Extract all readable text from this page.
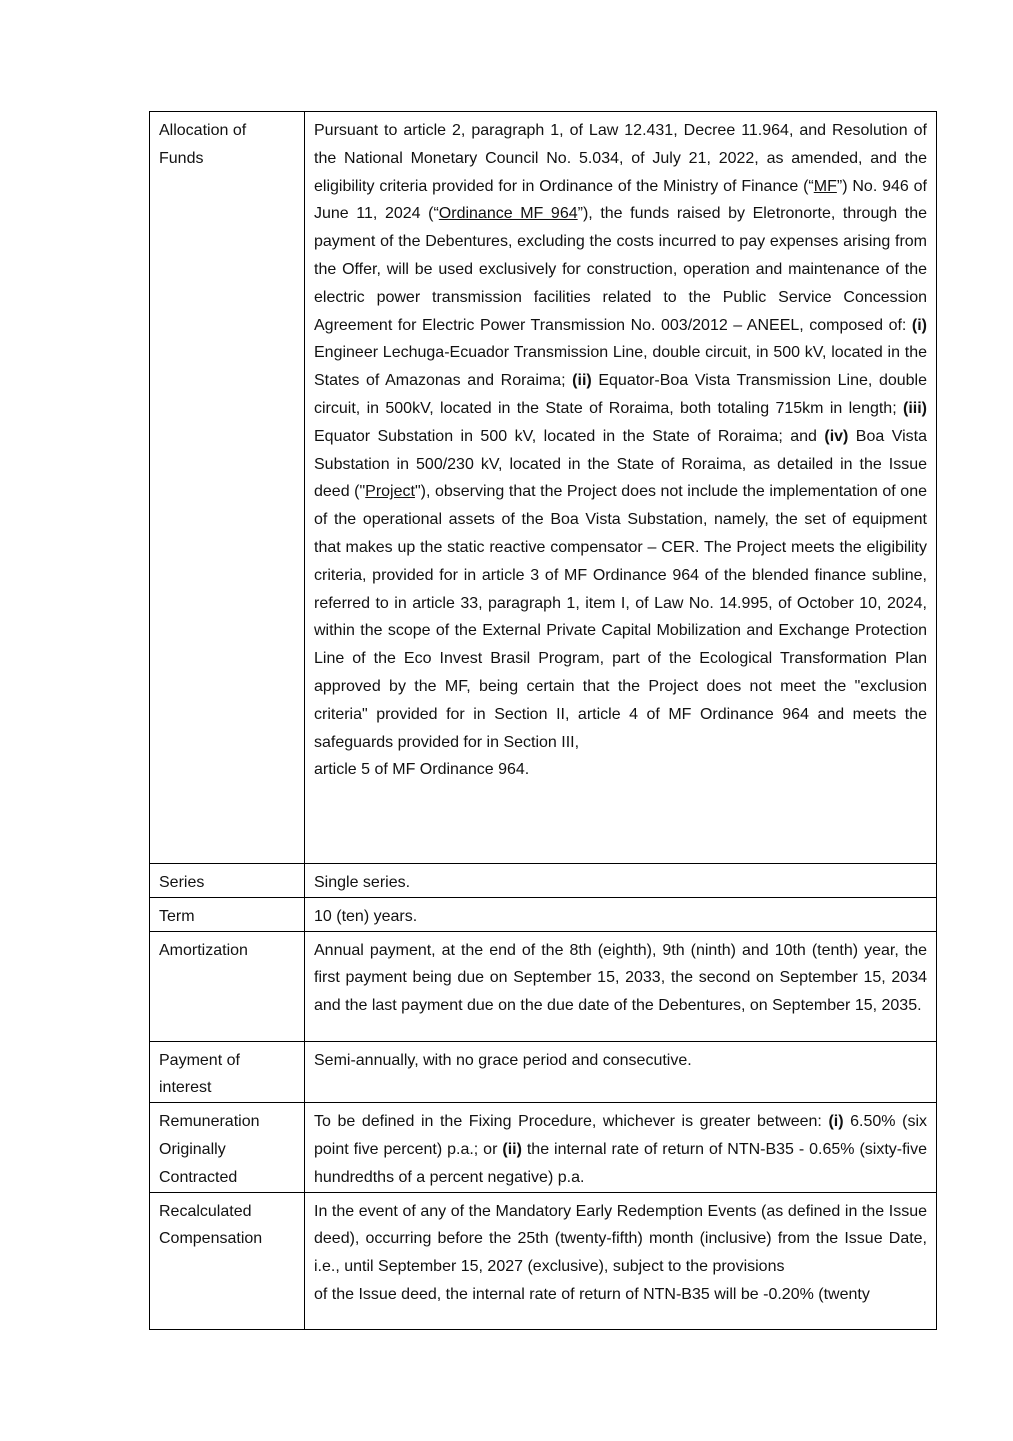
Allocation of Funds	Pursuant to article 2, paragraph 1, of Law 12.431, Decree 11.964, and Resolution of the National Monetary Council No. 5.034, of July 21, 2022, as amended, and the eligibility criteria provided for in Ordinance of the Ministry of Finance (“MF”) No. 946 of June 11, 2024 (“Ordinance MF 964”), the funds raised by Eletronorte, through the payment of the Debentures, excluding the costs incurred to pay expenses arising from the Offer, will be used exclusively for construction, operation and maintenance of the electric power transmission facilities related to the Public Service Concession Agreement for Electric Power Transmission No. 003/2012 – ANEEL, composed of: (i) Engineer Lechuga-Ecuador Transmission Line, double circuit, in 500 kV, located in the States of Amazonas and Roraima; (ii) Equator-Boa Vista Transmission Line, double circuit, in 500kV, located in the State of Roraima, both totaling 715km in length; (iii) Equator Substation in 500 kV, located in the State of Roraima; and (iv) Boa Vista Substation in 500/230 kV, located in the State of Roraima, as detailed in the Issue deed ("Project"), observing that the Project does not include the implementation of one of the operational assets of the Boa Vista Substation, namely, the set of equipment that makes up the static reactive compensator – CER. The Project meets the eligibility criteria, provided for in article 3 of MF Ordinance 964 of the blended finance subline, referred to in article 33, paragraph 1, item I, of Law No. 14.995, of October 10, 2024, within the scope of the External Private Capital Mobilization and Exchange Protection Line of the Eco Invest Brasil Program, part of the Ecological Transformation Plan approved by the MF, being certain that the Project does not meet the "exclusion criteria" provided for in Section II, article 4 of MF Ordinance 964 and meets the safeguards provided for in Section III,
article 5 of MF Ordinance 964.

Series	Single series.
Term	10 (ten) years.
Amortization	Annual payment, at the end of the 8th (eighth), 9th (ninth) and 10th (tenth) year, the first payment being due on September 15, 2033, the second on September 15, 2034 and the last payment due on the due date of the Debentures, on September 15, 2035.
Payment of interest	Semi-annually, with no grace period and consecutive.
Remuneration Originally Contracted	To be defined in the Fixing Procedure, whichever is greater between: (i) 6.50% (six point five percent) p.a.; or (ii) the internal rate of return of NTN-B35 - 0.65% (sixty-five hundredths of a percent negative) p.a.
Recalculated Compensation	In the event of any of the Mandatory Early Redemption Events (as defined in the Issue deed), occurring before the 25th (twenty-fifth) month (inclusive) from the Issue Date, i.e., until September 15, 2027 (exclusive), subject to the provisions
of the Issue deed, the internal rate of return of NTN-B35 will be -0.20% (twenty
